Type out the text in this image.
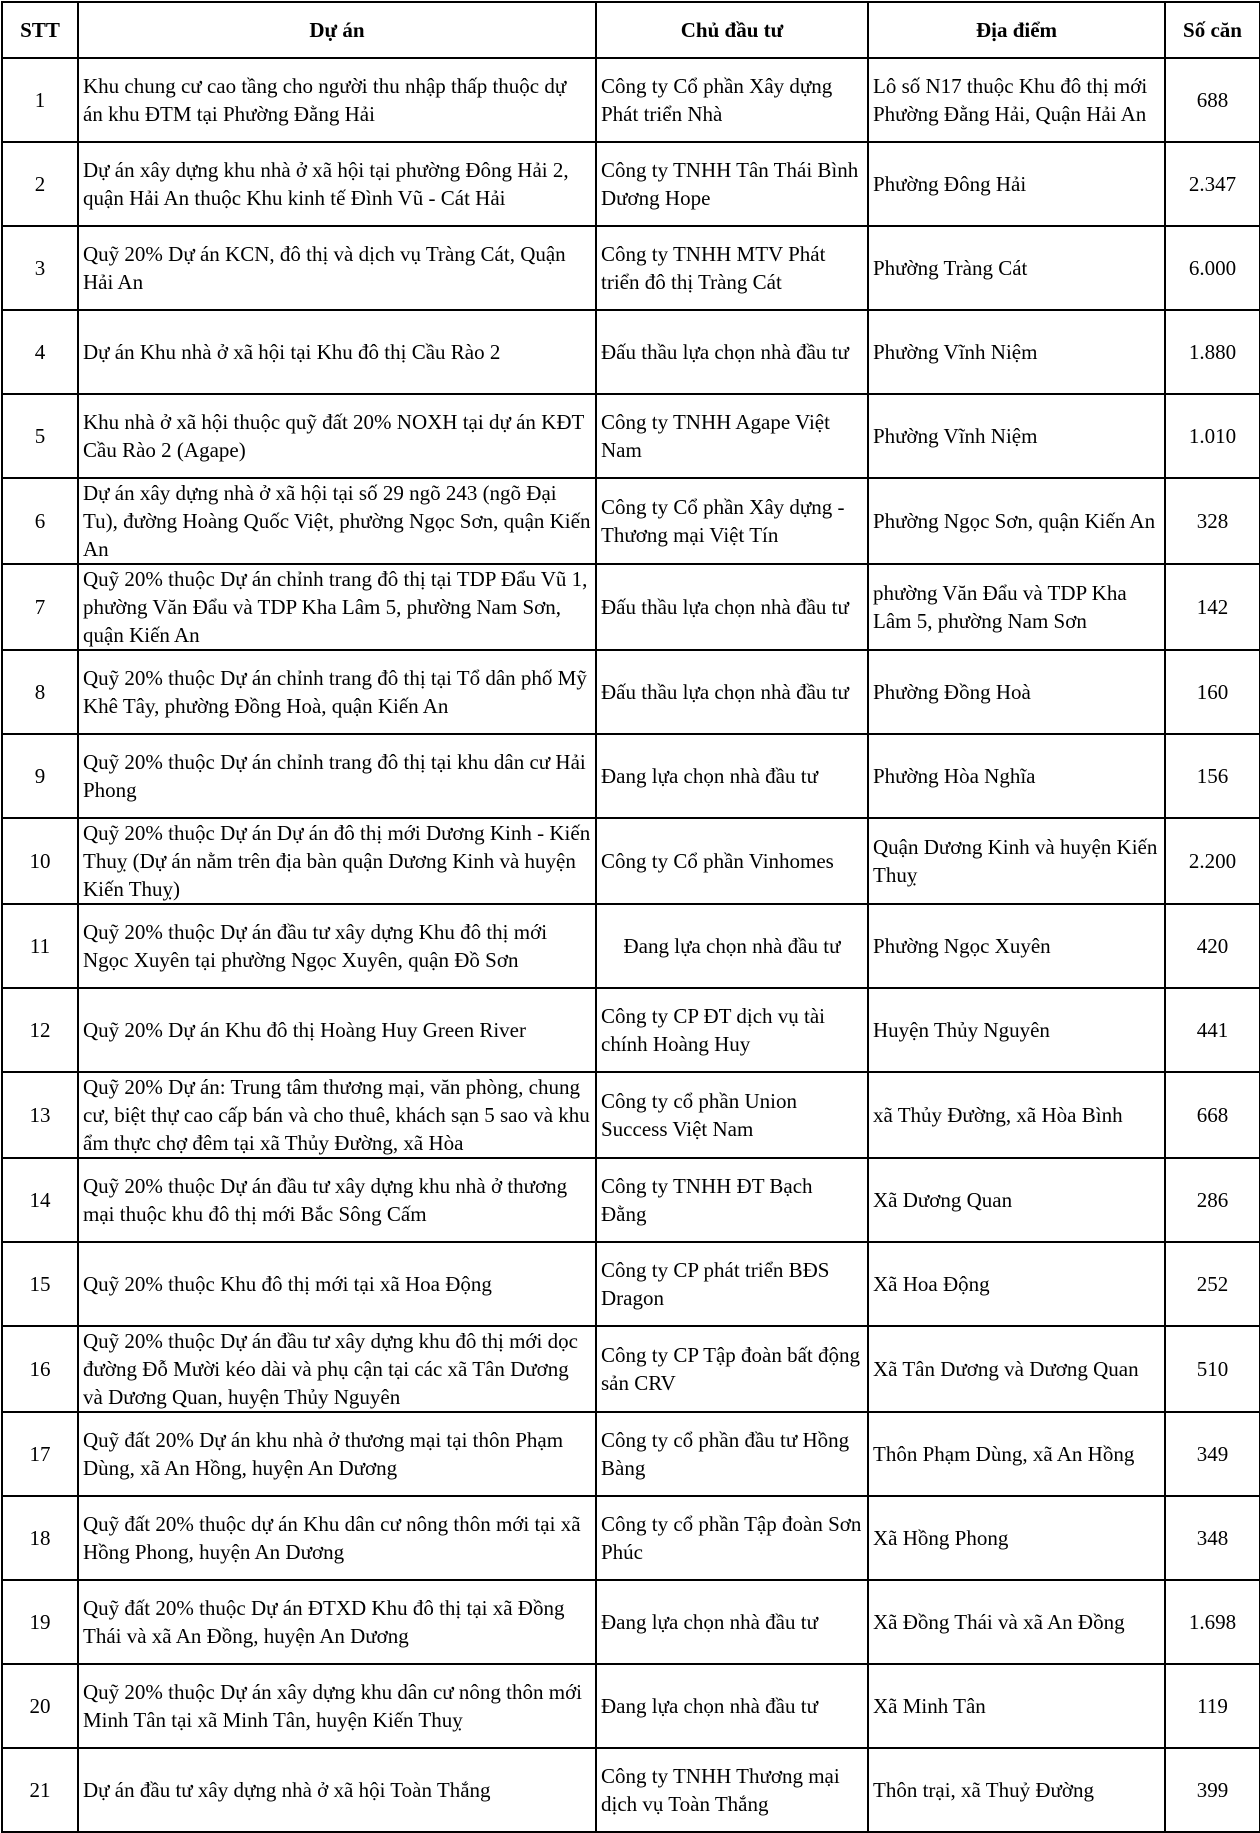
STT	Dự án	Chủ đầu tư	Địa điểm	Số căn
1	Khu chung cư cao tầng cho người thu nhập thấp thuộc dự án khu ĐTM tại Phường Đằng Hải	Công ty Cổ phần Xây dựng Phát triển Nhà	Lô số N17 thuộc Khu đô thị mới Phường Đằng Hải, Quận Hải An	688
2	Dự án xây dựng khu nhà ở xã hội tại phường Đông Hải 2, quận Hải An thuộc Khu kinh tế Đình Vũ - Cát Hải	Công ty TNHH Tân Thái Bình Dương Hope	Phường Đông Hải	2.347
3	Quỹ 20% Dự án KCN, đô thị và dịch vụ Tràng Cát, Quận Hải An	Công ty TNHH MTV Phát triển đô thị Tràng Cát	Phường Tràng Cát	6.000
4	Dự án Khu nhà ở xã hội tại Khu đô thị Cầu Rào 2	Đấu thầu lựa chọn nhà đầu tư	Phường Vĩnh Niệm	1.880
5	Khu nhà ở xã hội thuộc quỹ đất 20% NOXH tại dự án KĐT Cầu Rào 2 (Agape)	Công ty TNHH Agape Việt Nam	Phường Vĩnh Niệm	1.010
6	Dự án xây dựng nhà ở xã hội tại số 29 ngõ 243 (ngõ Đại Tu), đường Hoàng Quốc Việt, phường Ngọc Sơn, quận Kiến An	Công ty Cổ phần Xây dựng - Thương mại Việt Tín	Phường Ngọc Sơn, quận Kiến An	328
7	Quỹ 20% thuộc Dự án chỉnh trang đô thị tại TDP Đẩu Vũ 1, phường Văn Đẩu và TDP Kha Lâm 5, phường Nam Sơn, quận Kiến An	Đấu thầu lựa chọn nhà đầu tư	phường Văn Đẩu và TDP Kha Lâm 5, phường Nam Sơn	142
8	Quỹ 20% thuộc Dự án chỉnh trang đô thị tại Tổ dân phố Mỹ Khê Tây, phường Đồng Hoà, quận Kiến An	Đấu thầu lựa chọn nhà đầu tư	Phường Đồng Hoà	160
9	Quỹ 20% thuộc Dự án chỉnh trang đô thị tại khu dân cư Hải Phong	Đang lựa chọn nhà đầu tư	Phường Hòa Nghĩa	156
10	Quỹ 20% thuộc Dự án Dự án đô thị mới Dương Kinh - Kiến Thuỵ (Dự án nằm trên địa bàn quận Dương Kinh và huyện Kiến Thuỵ)	Công ty Cổ phần Vinhomes	Quận Dương Kinh và huyện Kiến Thuỵ	2.200
11	Quỹ 20% thuộc Dự án đầu tư xây dựng Khu đô thị mới Ngọc Xuyên tại phường Ngọc Xuyên, quận Đồ Sơn	Đang lựa chọn nhà đầu tư	Phường Ngọc Xuyên	420
12	Quỹ 20% Dự án Khu đô thị Hoàng Huy Green River	Công ty CP ĐT dịch vụ tài chính Hoàng Huy	Huyện Thủy Nguyên	441
13	Quỹ 20% Dự án: Trung tâm thương mại, văn phòng, chung cư, biệt thự cao cấp bán và cho thuê, khách sạn 5 sao và khu ẩm thực chợ đêm tại xã Thủy Đường, xã Hòa	Công ty cổ phần Union Success Việt Nam	xã Thủy Đường, xã Hòa Bình	668
14	Quỹ 20% thuộc Dự án đầu tư xây dựng khu nhà ở thương mại thuộc khu đô thị mới Bắc Sông Cấm	Công ty TNHH ĐT Bạch Đằng	Xã Dương Quan	286
15	Quỹ 20% thuộc Khu đô thị mới tại xã Hoa Động	Công ty CP phát triển BĐS Dragon	Xã Hoa Động	252
16	Quỹ 20% thuộc Dự án đầu tư xây dựng khu đô thị mới dọc đường Đỗ Mười kéo dài và phụ cận tại các xã Tân Dương và Dương Quan, huyện Thủy Nguyên	Công ty CP Tập đoàn bất động sản CRV	Xã Tân Dương và Dương Quan	510
17	Quỹ đất 20% Dự án khu nhà ở thương mại tại thôn Phạm Dùng, xã An Hồng, huyện An Dương	Công ty cổ phần đầu tư Hồng Bàng	Thôn Phạm Dùng, xã An Hồng	349
18	Quỹ đất 20% thuộc dự án Khu dân cư nông thôn mới tại xã Hồng Phong, huyện An Dương	Công ty cổ phần Tập đoàn Sơn Phúc	Xã Hồng Phong	348
19	Quỹ đất 20% thuộc Dự án ĐTXD Khu đô thị tại xã Đồng Thái và xã An Đồng, huyện An Dương	Đang lựa chọn nhà đầu tư	Xã Đồng Thái và xã An Đồng	1.698
20	Quỹ 20% thuộc Dự án xây dựng khu dân cư nông thôn mới Minh Tân tại xã Minh Tân, huyện Kiến Thuỵ	Đang lựa chọn nhà đầu tư	Xã Minh Tân	119
21	Dự án đầu tư xây dựng nhà ở xã hội Toàn Thắng	Công ty TNHH Thương mại dịch vụ Toàn Thắng	Thôn trại, xã Thuỷ Đường	399
